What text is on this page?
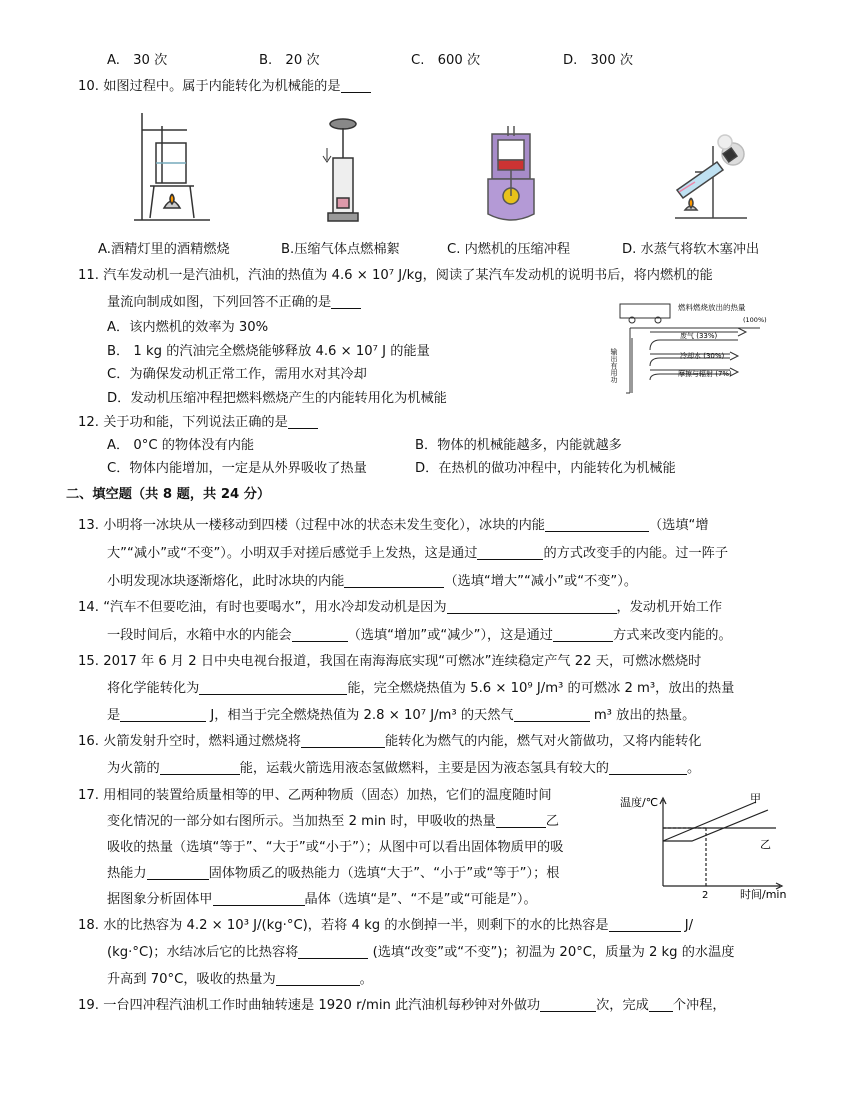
A.　30 次	B.　20 次	C.　600 次	D.　300 次
10. 如图过程中。属于内能转化为机械能的是
A.酒精灯里的酒精燃烧	B.压缩气体点燃棉絮	C. 内燃机的压缩冲程	D. 水蒸气将软木塞冲出
11. 汽车发动机一是汽油机，汽油的热值为 4.6 × 10⁷ J/kg，阅读了某汽车发动机的说明书后，将内燃机的能
量流向制成如图，下列回答不正确的是
A．该内燃机的效率为 30%
B． 1 kg 的汽油完全燃烧能够释放 4.6 × 10⁷ J 的能量
C．为确保发动机正常工作，需用水对其冷却
D．发动机压缩冲程把燃料燃烧产生的内能转用化为机械能
燃料燃烧放出的热量
(100%)
废气 (33%)
冷却水 (30%)
摩擦与辐射 (7%)
输出有用功
12. 关于功和能，下列说法正确的是
A． 0°C 的物体没有内能	B．物体的机械能越多，内能就越多
C．物体内能增加，一定是从外界吸收了热量	D．在热机的做功冲程中，内能转化为机械能
二、填空题（共 8 题，共 24 分）
13. 小明将一冰块从一楼移动到四楼（过程中冰的状态未发生变化），冰块的内能	（选填“增
大”“减小”或“不变”）。小明双手对搓后感觉手上发热，这是通过	的方式改变手的内能。过一阵子
小明发现冰块逐渐熔化，此时冰块的内能	（选填“增大”“减小”或“不变”）。
14. “汽车不但要吃油，有时也要喝水”，用水冷却发动机是因为	，发动机开始工作
一段时间后，水箱中水的内能会	（选填“增加”或“减少”），这是通过	方式来改变内能的。
15. 2017 年 6 月 2 日中央电视台报道，我国在南海海底实现“可燃冰”连续稳定产气 22 天，可燃冰燃烧时
将化学能转化为	能，完全燃烧热值为 5.6 × 10⁹ J/m³ 的可燃冰 2 m³，放出的热量
是	J，相当于完全燃烧热值为 2.8 × 10⁷ J/m³ 的天然气	m³ 放出的热量。
16. 火箭发射升空时，燃料通过燃烧将	能转化为燃气的内能，燃气对火箭做功，又将内能转化
为火箭的	能，运载火箭选用液态氢做燃料，主要是因为液态氢具有较大的	。
17. 用相同的装置给质量相等的甲、乙两种物质（固态）加热，它们的温度随时间
变化情况的一部分如右图所示。当加热至 2 min 时，甲吸收的热量	乙
吸收的热量（选填“等于”、“大于”或“小于”）；从图中可以看出固体物质甲的吸
热能力	固体物质乙的吸热能力（选填“大于”、“小于”或“等于”）；根
据图象分析固体甲	晶体（选填“是”、“不是”或“可能是”）。
温度/℃
时间/min
2
甲
乙
18. 水的比热容为 4.2 × 10³ J/(kg·°C)，若将 4 kg 的水倒掉一半，则剩下的水的比热容是	J/
(kg·°C)；水结冰后它的比热容将	(选填“改变”或“不变”)；初温为 20°C，质量为 2 kg 的水温度
升高到 70°C，吸收的热量为	。
19. 一台四冲程汽油机工作时曲轴转速是 1920 r/min 此汽油机每秒钟对外做功	次，完成 个冲程，
